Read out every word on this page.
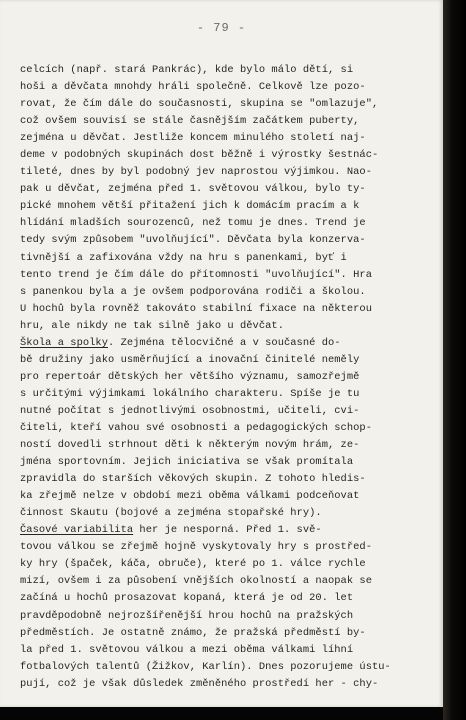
- 79 -
celcích (např. stará Pankrác), kde bylo málo dětí, si
hoši a děvčata mnohdy hráli společně. Celkově lze pozo-
rovat, že čím dále do současnosti, skupina se "omlazuje",
což ovšem souvisí se stále časnějším začátkem puberty,
zejména u děvčat. Jestliže koncem minulého století naj-
deme v podobných skupinách dost běžně i výrostky šestnác-
tileté, dnes by byl podobný jev naprostou výjimkou. Nao-
pak u děvčat, zejména před 1. světovou válkou, bylo ty-
pické mnohem větší přitažení jich k domácím pracím a k
hlídání mladších sourozenců, než tomu je dnes. Trend je
tedy svým způsobem "uvolňující". Děvčata byla konzerva-
tivnější a zafixována vždy na hru s panenkami, byť i
tento trend je čím dále do přítomnosti "uvolňující". Hra
s panenkou byla a je ovšem podporována rodiči a školou.
U hochů byla rovněž takováto stabilní fixace na některou
hru, ale nikdy ne tak silně jako u děvčat.
Škola a spolky. Zejména tělocvičné a v současné do-
bě družiny jako usměrňující a inovační činitelé neměly
pro repertoár dětských her většího významu, samozřejmě
s určitými výjimkami lokálního charakteru. Spíše je tu
nutné počítat s jednotlivými osobnostmi, učiteli, cvi-
čiteli, kteří vahou své osobnosti a pedagogických schop-
ností dovedli strhnout děti k některým novým hrám, ze-
jména sportovním. Jejich iniciativa se však promítala
zpravidla do starších věkových skupin. Z tohoto hledis-
ka zřejmě nelze v období mezi oběma válkami podceňovat
činnost Skautu (bojové a zejména stopařské hry).
Časové variabilita her je nesporná. Před 1. svě-
tovou válkou se zřejmě hojně vyskytovaly hry s prostřed-
ky hry (špaček, káča, obruče), které po 1. válce rychle
mizí, ovšem i za působení vnějších okolností a naopak se
začíná u hochů prosazovat kopaná, která je od 20. let
pravděpodobně nejrozšířenější hrou hochů na pražských
předměstích. Je ostatně známo, že pražská předměstí by-
la před 1. světovou válkou a mezi oběma válkami líhní
fotbalových talentů (Žižkov, Karlín). Dnes pozorujeme ústu-
pují, což je však důsledek změněného prostředí her - chy-
